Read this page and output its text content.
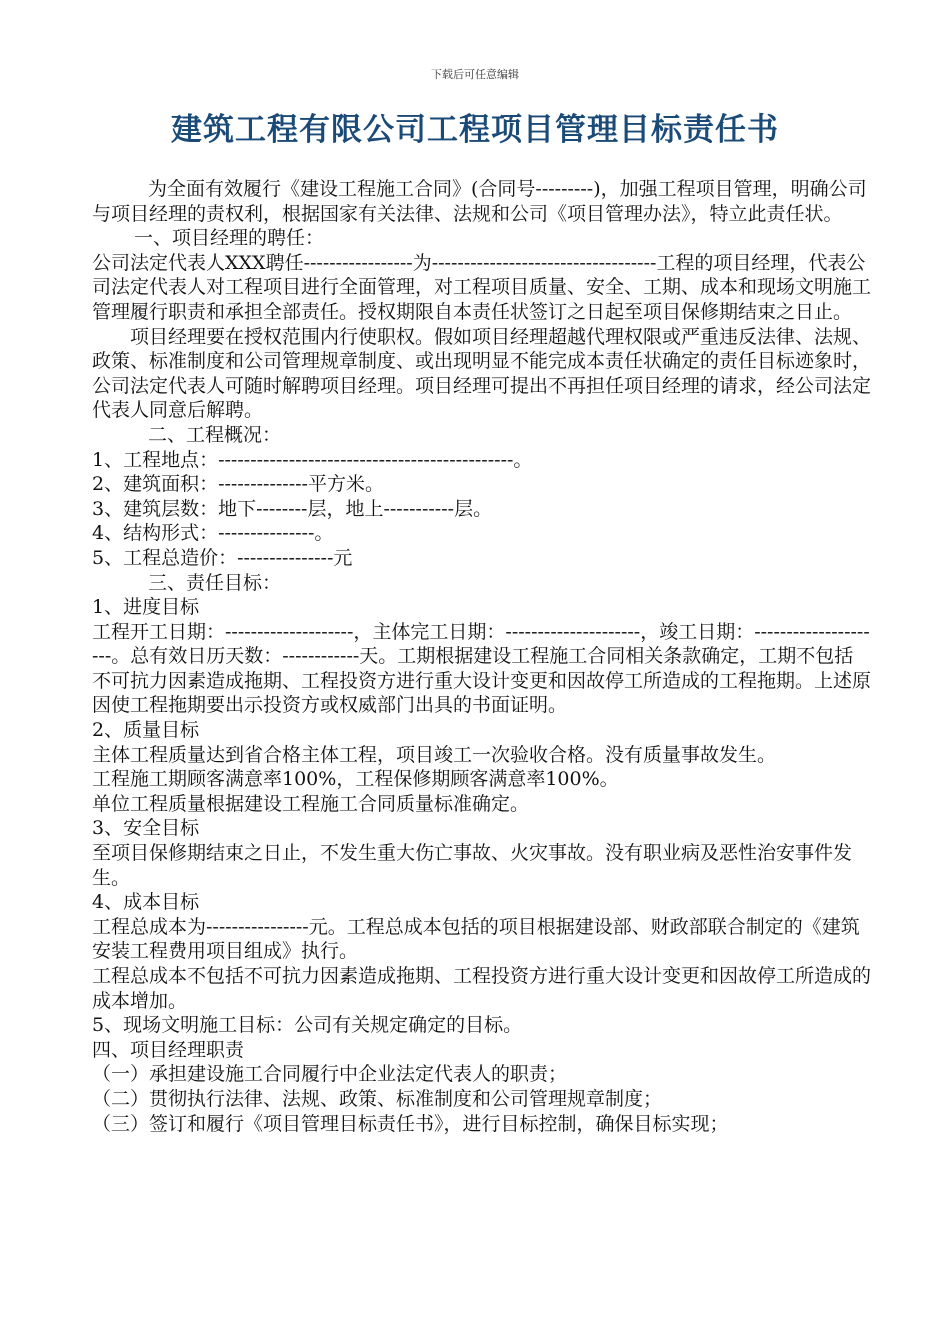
下载后可任意编辑
建筑工程有限公司工程项目管理目标责任书

为全面有效履行《建设工程施工合同》(合同号---------)，加强工程项目管理，明确公司与项目经理的责权利，根据国家有关法律、法规和公司《项目管理办法》，特立此责任状。

一、项目经理的聘任：

公司法定代表人XXX聘任-----------------为-----------------------------------工程的项目经理，代表公司法定代表人对工程项目进行全面管理，对工程项目质量、安全、工期、成本和现场文明施工管理履行职责和承担全部责任。授权期限自本责任状签订之日起至项目保修期结束之日止。

项目经理要在授权范围内行使职权。假如项目经理超越代理权限或严重违反法律、法规、政策、标准制度和公司管理规章制度、或出现明显不能完成本责任状确定的责任目标迹象时，公司法定代表人可随时解聘项目经理。项目经理可提出不再担任项目经理的请求，经公司法定代表人同意后解聘。

二、工程概况：

1、工程地点：----------------------------------------------。

2、建筑面积：--------------平方米。

3、建筑层数：地下--------层，地上-----------层。

4、结构形式：---------------。

5、工程总造价：---------------元

三、责任目标：

1、进度目标

工程开工日期：--------------------，主体完工日期：---------------------，竣工日期：---------------------。总有效日历天数：------------天。工期根据建设工程施工合同相关条款确定，工期不包括不可抗力因素造成拖期、工程投资方进行重大设计变更和因故停工所造成的工程拖期。上述原因使工程拖期要出示投资方或权威部门出具的书面证明。

2、质量目标

主体工程质量达到省合格主体工程，项目竣工一次验收合格。没有质量事故发生。

工程施工期顾客满意率100%，工程保修期顾客满意率100%。

单位工程质量根据建设工程施工合同质量标准确定。

3、安全目标

至项目保修期结束之日止，不发生重大伤亡事故、火灾事故。没有职业病及恶性治安事件发生。

4、成本目标

工程总成本为----------------元。工程总成本包括的项目根据建设部、财政部联合制定的《建筑安装工程费用项目组成》执行。

工程总成本不包括不可抗力因素造成拖期、工程投资方进行重大设计变更和因故停工所造成的成本增加。

5、现场文明施工目标：公司有关规定确定的目标。

四、项目经理职责

（一）承担建设施工合同履行中企业法定代表人的职责；

（二）贯彻执行法律、法规、政策、标准制度和公司管理规章制度；

（三）签订和履行《项目管理目标责任书》，进行目标控制，确保目标实现；
